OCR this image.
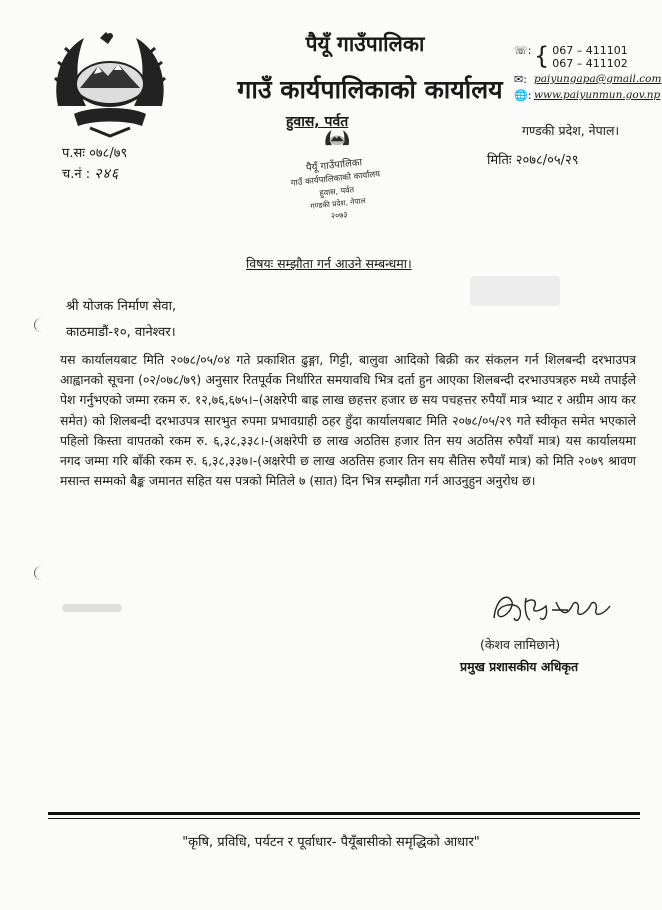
पैयूँ गाउँपालिका
गाउँ कार्यपालिकाको कार्यालय
हुवास, पर्वत
☏: { 067 – 411101
067 – 411102
✉: paiyungapa@gmail.com
🌐: www.paiyunmun.gov.np
गण्डकी प्रदेश, नेपाल।
प.सः ०७८/७९
च.नं : २४६
मितिः २०७८/०५/२९
पैयूँ गाउँपालिका
गाउँ कार्यपालिकाको कार्यालय
हुवास, पर्वत
गण्डकी प्रदेश, नेपाल
२०७३
विषयः सम्झौता गर्न आउने सम्बन्धमा।
श्री योजक निर्माण सेवा,
काठमाडौं-१०, वानेश्वर।
यस कार्यालयबाट मिति २०७८/०५/०४ गते प्रकाशित ढुङ्गा, गिट्टी, बालुवा आदिको बिक्री कर संकलन गर्न शिलबन्दी दरभाउपत्र आह्वानको सूचना (०२/०७८/७९) अनुसार रितपूर्वक निर्धारित समयावधि भित्र दर्ता हुन आएका शिलबन्दी दरभाउपत्रहरु मध्ये तपाईले पेश गर्नुभएको जम्मा रकम रु. १२,७६,६७५।–(अक्षरेपी बाह्र लाख छहत्तर हजार छ सय पचहत्तर रुपैयाँ मात्र भ्याट र अग्रीम आय कर समेत) को शिलबन्दी दरभाउपत्र सारभुत रुपमा प्रभावग्राही ठहर हुँदा कार्यालयबाट मिति २०७८/०५/२९ गते स्वीकृत समेत भएकाले पहिलो किस्ता वापतको रकम रु. ६,३८,३३८।-(अक्षरेपी छ लाख अठतिस हजार तिन सय अठतिस रुपैयाँ मात्र) यस कार्यालयमा नगद जम्मा गरि बाँकी रकम रु. ६,३८,३३७।-(अक्षरेपी छ लाख अठतिस हजार तिन सय सैतिस रुपैयाँ मात्र) को मिति २०७९ श्रावण मसान्त सम्मको बैङ्क जमानत सहित यस पत्रको मितिले ७ (सात) दिन भित्र सम्झौता गर्न आउनुहुन अनुरोध छ।
(केशव लामिछाने)
प्रमुख प्रशासकीय अधिकृत
"कृषि, प्रविधि, पर्यटन र पूर्वाधार- पैयूँबासीको समृद्धिको आधार"
